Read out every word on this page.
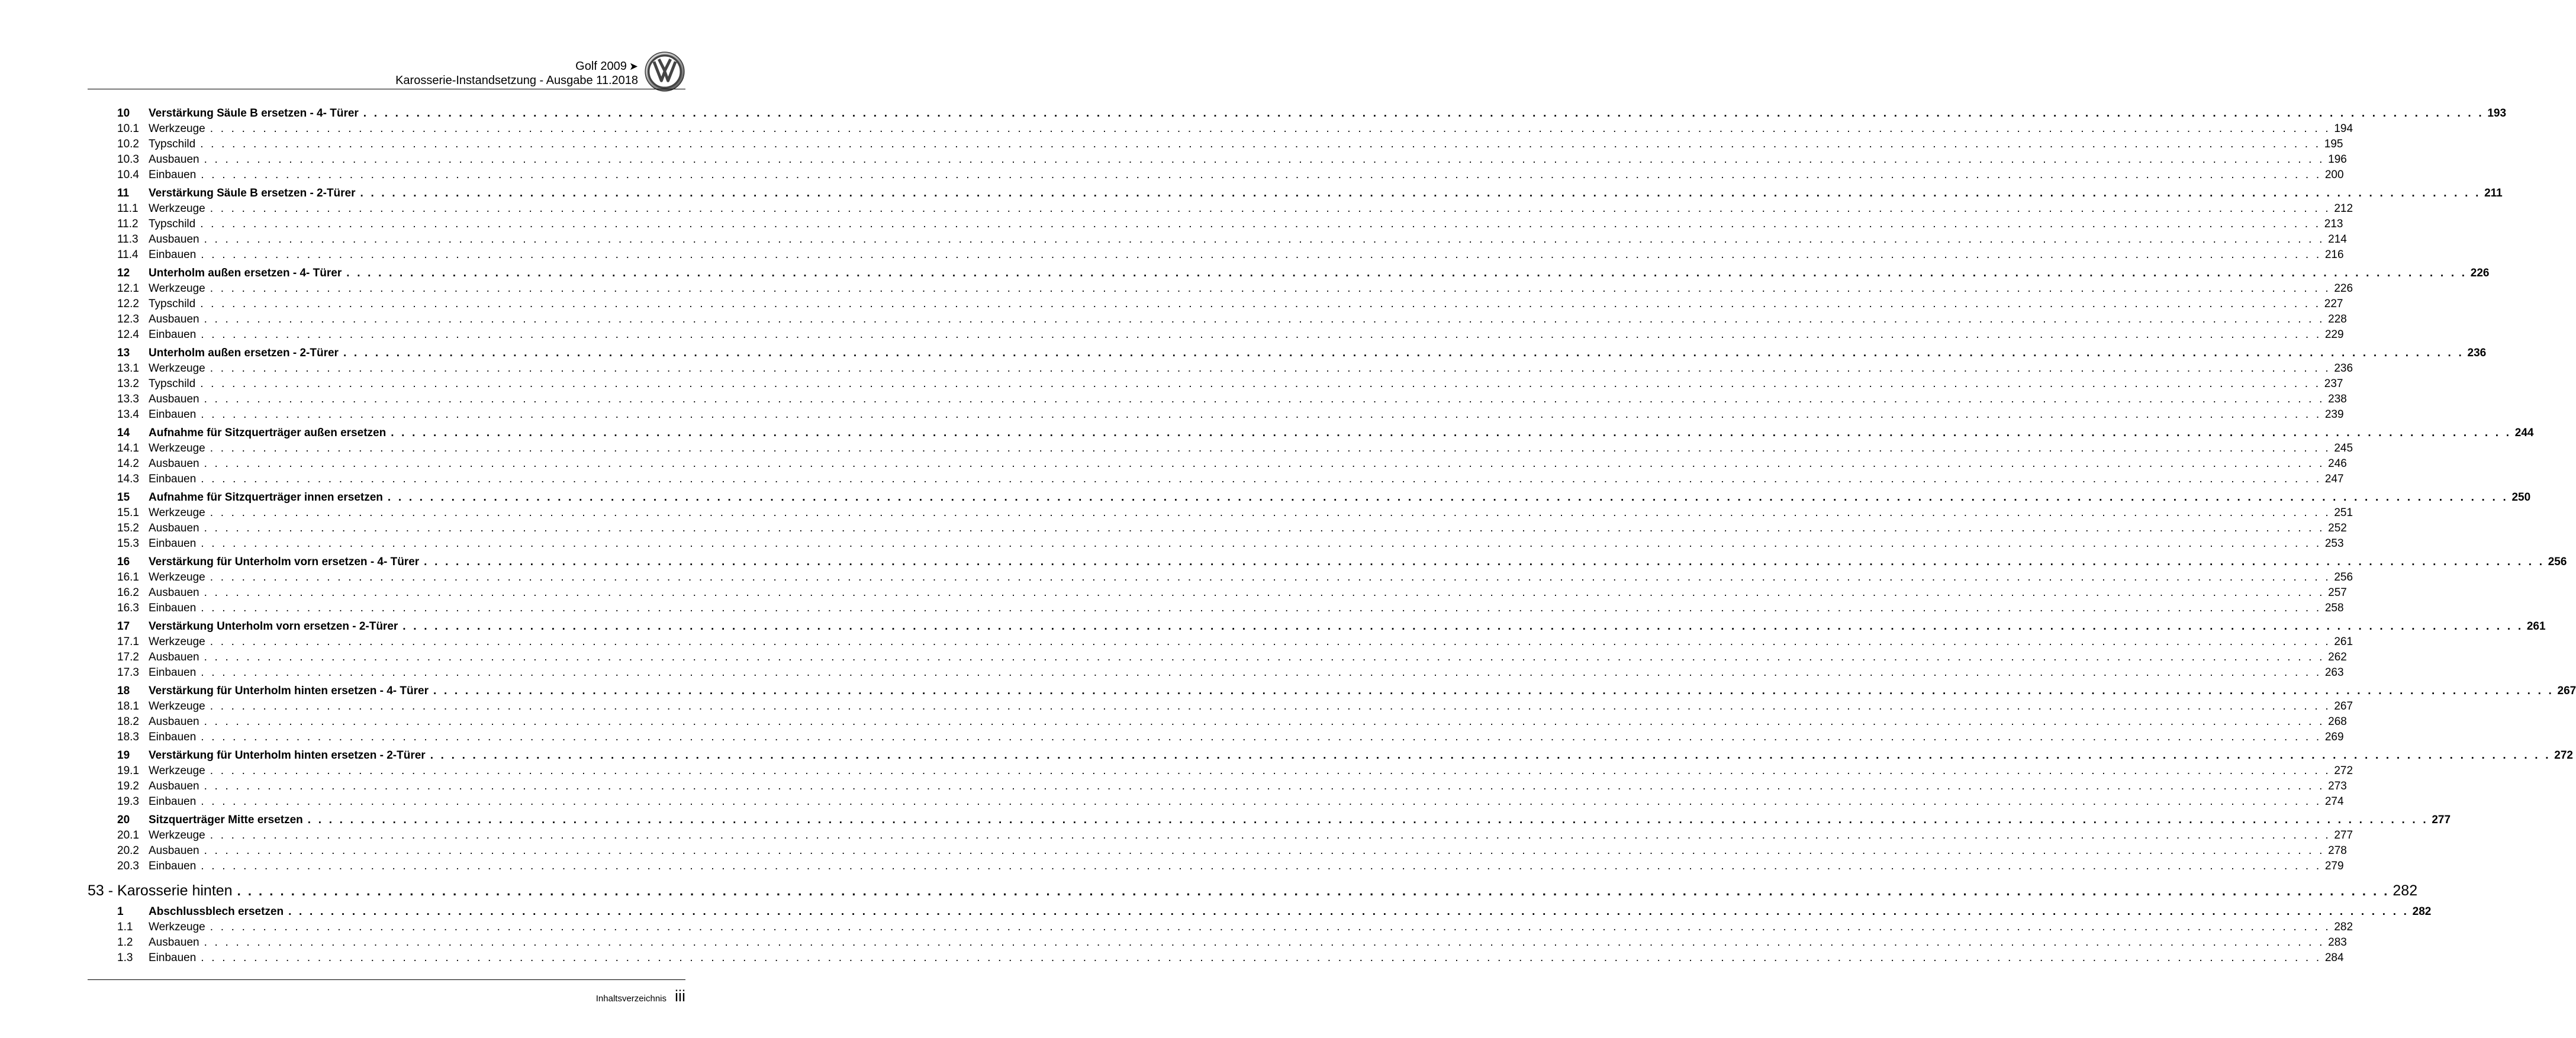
Golf 2009 ➤
Karosserie-Instandsetzung - Ausgabe 11.2018
10	Verstärkung Säule B ersetzen - 4- Türer . . . . . . . . . . . . . . . . . . . . . . . . . . . . . . . . . . . . . . . . . . . . . . . . . . . . . . . . . . . . . . . . . . . . . . . . . . . . . . . . . . . . . . . . . . . . . . . . . . . . . . . . . . . . . . . . . . . . . . . . . . . . . . . . . . . . . . . . . . . . . . . . . . . . . . . . . . . . . . . . . . . . . . . . . . . . . . . . . . . . . . . . . . . . . . . . . . . . . . . . 193
10.1 Werkzeuge . . . . . . . . . . . . . . . . . . . . . . . . . . . . . . . . . . . . . . . . . . . . . . . . . . . . . . . . . . . . . . . . . . . . . . . . . . . . . . . . . . . . . . . . . . . . . . . . . . . . . . . . . . . . . . . . . . . . . . . . . . . . . . . . . . . . . . . . . . . . . . . . . . . . . . . . . . . . . . . . . . . . . . . . . . . . . . . . . . . . . . . . . . . . . . . . . . . . . . . . 194
10.2 Typschild . . . . . . . . . . . . . . . . . . . . . . . . . . . . . . . . . . . . . . . . . . . . . . . . . . . . . . . . . . . . . . . . . . . . . . . . . . . . . . . . . . . . . . . . . . . . . . . . . . . . . . . . . . . . . . . . . . . . . . . . . . . . . . . . . . . . . . . . . . . . . . . . . . . . . . . . . . . . . . . . . . . . . . . . . . . . . . . . . . . . . . . . . . . . . . . . . . . . . . . . 195
10.3 Ausbauen . . . . . . . . . . . . . . . . . . . . . . . . . . . . . . . . . . . . . . . . . . . . . . . . . . . . . . . . . . . . . . . . . . . . . . . . . . . . . . . . . . . . . . . . . . . . . . . . . . . . . . . . . . . . . . . . . . . . . . . . . . . . . . . . . . . . . . . . . . . . . . . . . . . . . . . . . . . . . . . . . . . . . . . . . . . . . . . . . . . . . . . . . . . . . . . . . . . . . . . . 196
10.4 Einbauen . . . . . . . . . . . . . . . . . . . . . . . . . . . . . . . . . . . . . . . . . . . . . . . . . . . . . . . . . . . . . . . . . . . . . . . . . . . . . . . . . . . . . . . . . . . . . . . . . . . . . . . . . . . . . . . . . . . . . . . . . . . . . . . . . . . . . . . . . . . . . . . . . . . . . . . . . . . . . . . . . . . . . . . . . . . . . . . . . . . . . . . . . . . . . . . . . . . . . . . . 200
11	Verstärkung Säule B ersetzen - 2-Türer . . . . . . . . . . . . . . . . . . . . . . . . . . . . . . . . . . . . . . . . . . . . . . . . . . . . . . . . . . . . . . . . . . . . . . . . . . . . . . . . . . . . . . . . . . . . . . . . . . . . . . . . . . . . . . . . . . . . . . . . . . . . . . . . . . . . . . . . . . . . . . . . . . . . . . . . . . . . . . . . . . . . . . . . . . . . . . . . . . . . . . . . . . . . . . . . . . . . . . . . 211
11.1 Werkzeuge . . . . . . . . . . . . . . . . . . . . . . . . . . . . . . . . . . . . . . . . . . . . . . . . . . . . . . . . . . . . . . . . . . . . . . . . . . . . . . . . . . . . . . . . . . . . . . . . . . . . . . . . . . . . . . . . . . . . . . . . . . . . . . . . . . . . . . . . . . . . . . . . . . . . . . . . . . . . . . . . . . . . . . . . . . . . . . . . . . . . . . . . . . . . . . . . . . . . . . . . 212
11.2 Typschild . . . . . . . . . . . . . . . . . . . . . . . . . . . . . . . . . . . . . . . . . . . . . . . . . . . . . . . . . . . . . . . . . . . . . . . . . . . . . . . . . . . . . . . . . . . . . . . . . . . . . . . . . . . . . . . . . . . . . . . . . . . . . . . . . . . . . . . . . . . . . . . . . . . . . . . . . . . . . . . . . . . . . . . . . . . . . . . . . . . . . . . . . . . . . . . . . . . . . . . . 213
11.3 Ausbauen . . . . . . . . . . . . . . . . . . . . . . . . . . . . . . . . . . . . . . . . . . . . . . . . . . . . . . . . . . . . . . . . . . . . . . . . . . . . . . . . . . . . . . . . . . . . . . . . . . . . . . . . . . . . . . . . . . . . . . . . . . . . . . . . . . . . . . . . . . . . . . . . . . . . . . . . . . . . . . . . . . . . . . . . . . . . . . . . . . . . . . . . . . . . . . . . . . . . . . . . 214
11.4 Einbauen . . . . . . . . . . . . . . . . . . . . . . . . . . . . . . . . . . . . . . . . . . . . . . . . . . . . . . . . . . . . . . . . . . . . . . . . . . . . . . . . . . . . . . . . . . . . . . . . . . . . . . . . . . . . . . . . . . . . . . . . . . . . . . . . . . . . . . . . . . . . . . . . . . . . . . . . . . . . . . . . . . . . . . . . . . . . . . . . . . . . . . . . . . . . . . . . . . . . . . . . 216
12	Unterholm außen ersetzen - 4- Türer . . . . . . . . . . . . . . . . . . . . . . . . . . . . . . . . . . . . . . . . . . . . . . . . . . . . . . . . . . . . . . . . . . . . . . . . . . . . . . . . . . . . . . . . . . . . . . . . . . . . . . . . . . . . . . . . . . . . . . . . . . . . . . . . . . . . . . . . . . . . . . . . . . . . . . . . . . . . . . . . . . . . . . . . . . . . . . . . . . . . . . . . . . . . . . . . . . . . . . . . 226
12.1 Werkzeuge . . . . . . . . . . . . . . . . . . . . . . . . . . . . . . . . . . . . . . . . . . . . . . . . . . . . . . . . . . . . . . . . . . . . . . . . . . . . . . . . . . . . . . . . . . . . . . . . . . . . . . . . . . . . . . . . . . . . . . . . . . . . . . . . . . . . . . . . . . . . . . . . . . . . . . . . . . . . . . . . . . . . . . . . . . . . . . . . . . . . . . . . . . . . . . . . . . . . . . . . 226
12.2 Typschild . . . . . . . . . . . . . . . . . . . . . . . . . . . . . . . . . . . . . . . . . . . . . . . . . . . . . . . . . . . . . . . . . . . . . . . . . . . . . . . . . . . . . . . . . . . . . . . . . . . . . . . . . . . . . . . . . . . . . . . . . . . . . . . . . . . . . . . . . . . . . . . . . . . . . . . . . . . . . . . . . . . . . . . . . . . . . . . . . . . . . . . . . . . . . . . . . . . . . . . . 227
12.3 Ausbauen . . . . . . . . . . . . . . . . . . . . . . . . . . . . . . . . . . . . . . . . . . . . . . . . . . . . . . . . . . . . . . . . . . . . . . . . . . . . . . . . . . . . . . . . . . . . . . . . . . . . . . . . . . . . . . . . . . . . . . . . . . . . . . . . . . . . . . . . . . . . . . . . . . . . . . . . . . . . . . . . . . . . . . . . . . . . . . . . . . . . . . . . . . . . . . . . . . . . . . . . 228
12.4 Einbauen . . . . . . . . . . . . . . . . . . . . . . . . . . . . . . . . . . . . . . . . . . . . . . . . . . . . . . . . . . . . . . . . . . . . . . . . . . . . . . . . . . . . . . . . . . . . . . . . . . . . . . . . . . . . . . . . . . . . . . . . . . . . . . . . . . . . . . . . . . . . . . . . . . . . . . . . . . . . . . . . . . . . . . . . . . . . . . . . . . . . . . . . . . . . . . . . . . . . . . . . 229
13	Unterholm außen ersetzen - 2-Türer . . . . . . . . . . . . . . . . . . . . . . . . . . . . . . . . . . . . . . . . . . . . . . . . . . . . . . . . . . . . . . . . . . . . . . . . . . . . . . . . . . . . . . . . . . . . . . . . . . . . . . . . . . . . . . . . . . . . . . . . . . . . . . . . . . . . . . . . . . . . . . . . . . . . . . . . . . . . . . . . . . . . . . . . . . . . . . . . . . . . . . . . . . . . . . . . . . . . . . . . 236
13.1 Werkzeuge . . . . . . . . . . . . . . . . . . . . . . . . . . . . . . . . . . . . . . . . . . . . . . . . . . . . . . . . . . . . . . . . . . . . . . . . . . . . . . . . . . . . . . . . . . . . . . . . . . . . . . . . . . . . . . . . . . . . . . . . . . . . . . . . . . . . . . . . . . . . . . . . . . . . . . . . . . . . . . . . . . . . . . . . . . . . . . . . . . . . . . . . . . . . . . . . . . . . . . . . 236
13.2 Typschild . . . . . . . . . . . . . . . . . . . . . . . . . . . . . . . . . . . . . . . . . . . . . . . . . . . . . . . . . . . . . . . . . . . . . . . . . . . . . . . . . . . . . . . . . . . . . . . . . . . . . . . . . . . . . . . . . . . . . . . . . . . . . . . . . . . . . . . . . . . . . . . . . . . . . . . . . . . . . . . . . . . . . . . . . . . . . . . . . . . . . . . . . . . . . . . . . . . . . . . . 237
13.3 Ausbauen . . . . . . . . . . . . . . . . . . . . . . . . . . . . . . . . . . . . . . . . . . . . . . . . . . . . . . . . . . . . . . . . . . . . . . . . . . . . . . . . . . . . . . . . . . . . . . . . . . . . . . . . . . . . . . . . . . . . . . . . . . . . . . . . . . . . . . . . . . . . . . . . . . . . . . . . . . . . . . . . . . . . . . . . . . . . . . . . . . . . . . . . . . . . . . . . . . . . . . . . 238
13.4 Einbauen . . . . . . . . . . . . . . . . . . . . . . . . . . . . . . . . . . . . . . . . . . . . . . . . . . . . . . . . . . . . . . . . . . . . . . . . . . . . . . . . . . . . . . . . . . . . . . . . . . . . . . . . . . . . . . . . . . . . . . . . . . . . . . . . . . . . . . . . . . . . . . . . . . . . . . . . . . . . . . . . . . . . . . . . . . . . . . . . . . . . . . . . . . . . . . . . . . . . . . . . 239
14	Aufnahme für Sitzquerträger außen ersetzen . . . . . . . . . . . . . . . . . . . . . . . . . . . . . . . . . . . . . . . . . . . . . . . . . . . . . . . . . . . . . . . . . . . . . . . . . . . . . . . . . . . . . . . . . . . . . . . . . . . . . . . . . . . . . . . . . . . . . . . . . . . . . . . . . . . . . . . . . . . . . . . . . . . . . . . . . . . . . . . . . . . . . . . . . . . . . . . . . . . . . . . . . . . . . . . . . . . . . . . . 244
14.1 Werkzeuge . . . . . . . . . . . . . . . . . . . . . . . . . . . . . . . . . . . . . . . . . . . . . . . . . . . . . . . . . . . . . . . . . . . . . . . . . . . . . . . . . . . . . . . . . . . . . . . . . . . . . . . . . . . . . . . . . . . . . . . . . . . . . . . . . . . . . . . . . . . . . . . . . . . . . . . . . . . . . . . . . . . . . . . . . . . . . . . . . . . . . . . . . . . . . . . . . . . . . . . . 245
14.2 Ausbauen . . . . . . . . . . . . . . . . . . . . . . . . . . . . . . . . . . . . . . . . . . . . . . . . . . . . . . . . . . . . . . . . . . . . . . . . . . . . . . . . . . . . . . . . . . . . . . . . . . . . . . . . . . . . . . . . . . . . . . . . . . . . . . . . . . . . . . . . . . . . . . . . . . . . . . . . . . . . . . . . . . . . . . . . . . . . . . . . . . . . . . . . . . . . . . . . . . . . . . . . 246
14.3 Einbauen . . . . . . . . . . . . . . . . . . . . . . . . . . . . . . . . . . . . . . . . . . . . . . . . . . . . . . . . . . . . . . . . . . . . . . . . . . . . . . . . . . . . . . . . . . . . . . . . . . . . . . . . . . . . . . . . . . . . . . . . . . . . . . . . . . . . . . . . . . . . . . . . . . . . . . . . . . . . . . . . . . . . . . . . . . . . . . . . . . . . . . . . . . . . . . . . . . . . . . . . 247
15	Aufnahme für Sitzquerträger innen ersetzen . . . . . . . . . . . . . . . . . . . . . . . . . . . . . . . . . . . . . . . . . . . . . . . . . . . . . . . . . . . . . . . . . . . . . . . . . . . . . . . . . . . . . . . . . . . . . . . . . . . . . . . . . . . . . . . . . . . . . . . . . . . . . . . . . . . . . . . . . . . . . . . . . . . . . . . . . . . . . . . . . . . . . . . . . . . . . . . . . . . . . . . . . . . . . . . . . . . . . . . . 250
15.1 Werkzeuge . . . . . . . . . . . . . . . . . . . . . . . . . . . . . . . . . . . . . . . . . . . . . . . . . . . . . . . . . . . . . . . . . . . . . . . . . . . . . . . . . . . . . . . . . . . . . . . . . . . . . . . . . . . . . . . . . . . . . . . . . . . . . . . . . . . . . . . . . . . . . . . . . . . . . . . . . . . . . . . . . . . . . . . . . . . . . . . . . . . . . . . . . . . . . . . . . . . . . . . . 251
15.2 Ausbauen . . . . . . . . . . . . . . . . . . . . . . . . . . . . . . . . . . . . . . . . . . . . . . . . . . . . . . . . . . . . . . . . . . . . . . . . . . . . . . . . . . . . . . . . . . . . . . . . . . . . . . . . . . . . . . . . . . . . . . . . . . . . . . . . . . . . . . . . . . . . . . . . . . . . . . . . . . . . . . . . . . . . . . . . . . . . . . . . . . . . . . . . . . . . . . . . . . . . . . . . 252
15.3 Einbauen . . . . . . . . . . . . . . . . . . . . . . . . . . . . . . . . . . . . . . . . . . . . . . . . . . . . . . . . . . . . . . . . . . . . . . . . . . . . . . . . . . . . . . . . . . . . . . . . . . . . . . . . . . . . . . . . . . . . . . . . . . . . . . . . . . . . . . . . . . . . . . . . . . . . . . . . . . . . . . . . . . . . . . . . . . . . . . . . . . . . . . . . . . . . . . . . . . . . . . . . 253
16	Verstärkung für Unterholm vorn ersetzen - 4- Türer . . . . . . . . . . . . . . . . . . . . . . . . . . . . . . . . . . . . . . . . . . . . . . . . . . . . . . . . . . . . . . . . . . . . . . . . . . . . . . . . . . . . . . . . . . . . . . . . . . . . . . . . . . . . . . . . . . . . . . . . . . . . . . . . . . . . . . . . . . . . . . . . . . . . . . . . . . . . . . . . . . . . . . . . . . . . . . . . . . . . . . . . . . . . . . . . . . . . . . . . 256
16.1 Werkzeuge . . . . . . . . . . . . . . . . . . . . . . . . . . . . . . . . . . . . . . . . . . . . . . . . . . . . . . . . . . . . . . . . . . . . . . . . . . . . . . . . . . . . . . . . . . . . . . . . . . . . . . . . . . . . . . . . . . . . . . . . . . . . . . . . . . . . . . . . . . . . . . . . . . . . . . . . . . . . . . . . . . . . . . . . . . . . . . . . . . . . . . . . . . . . . . . . . . . . . . . . 256
16.2 Ausbauen . . . . . . . . . . . . . . . . . . . . . . . . . . . . . . . . . . . . . . . . . . . . . . . . . . . . . . . . . . . . . . . . . . . . . . . . . . . . . . . . . . . . . . . . . . . . . . . . . . . . . . . . . . . . . . . . . . . . . . . . . . . . . . . . . . . . . . . . . . . . . . . . . . . . . . . . . . . . . . . . . . . . . . . . . . . . . . . . . . . . . . . . . . . . . . . . . . . . . . . . 257
16.3 Einbauen . . . . . . . . . . . . . . . . . . . . . . . . . . . . . . . . . . . . . . . . . . . . . . . . . . . . . . . . . . . . . . . . . . . . . . . . . . . . . . . . . . . . . . . . . . . . . . . . . . . . . . . . . . . . . . . . . . . . . . . . . . . . . . . . . . . . . . . . . . . . . . . . . . . . . . . . . . . . . . . . . . . . . . . . . . . . . . . . . . . . . . . . . . . . . . . . . . . . . . . . 258
17	Verstärkung Unterholm vorn ersetzen - 2-Türer . . . . . . . . . . . . . . . . . . . . . . . . . . . . . . . . . . . . . . . . . . . . . . . . . . . . . . . . . . . . . . . . . . . . . . . . . . . . . . . . . . . . . . . . . . . . . . . . . . . . . . . . . . . . . . . . . . . . . . . . . . . . . . . . . . . . . . . . . . . . . . . . . . . . . . . . . . . . . . . . . . . . . . . . . . . . . . . . . . . . . . . . . . . . . . . . . . . . . . . . 261
17.1 Werkzeuge . . . . . . . . . . . . . . . . . . . . . . . . . . . . . . . . . . . . . . . . . . . . . . . . . . . . . . . . . . . . . . . . . . . . . . . . . . . . . . . . . . . . . . . . . . . . . . . . . . . . . . . . . . . . . . . . . . . . . . . . . . . . . . . . . . . . . . . . . . . . . . . . . . . . . . . . . . . . . . . . . . . . . . . . . . . . . . . . . . . . . . . . . . . . . . . . . . . . . . . . 261
17.2 Ausbauen . . . . . . . . . . . . . . . . . . . . . . . . . . . . . . . . . . . . . . . . . . . . . . . . . . . . . . . . . . . . . . . . . . . . . . . . . . . . . . . . . . . . . . . . . . . . . . . . . . . . . . . . . . . . . . . . . . . . . . . . . . . . . . . . . . . . . . . . . . . . . . . . . . . . . . . . . . . . . . . . . . . . . . . . . . . . . . . . . . . . . . . . . . . . . . . . . . . . . . . . 262
17.3 Einbauen . . . . . . . . . . . . . . . . . . . . . . . . . . . . . . . . . . . . . . . . . . . . . . . . . . . . . . . . . . . . . . . . . . . . . . . . . . . . . . . . . . . . . . . . . . . . . . . . . . . . . . . . . . . . . . . . . . . . . . . . . . . . . . . . . . . . . . . . . . . . . . . . . . . . . . . . . . . . . . . . . . . . . . . . . . . . . . . . . . . . . . . . . . . . . . . . . . . . . . . . 263
18	Verstärkung für Unterholm hinten ersetzen - 4- Türer . . . . . . . . . . . . . . . . . . . . . . . . . . . . . . . . . . . . . . . . . . . . . . . . . . . . . . . . . . . . . . . . . . . . . . . . . . . . . . . . . . . . . . . . . . . . . . . . . . . . . . . . . . . . . . . . . . . . . . . . . . . . . . . . . . . . . . . . . . . . . . . . . . . . . . . . . . . . . . . . . . . . . . . . . . . . . . . . . . . . . . . . . . . . . . . . . . . . . . . . 267
18.1 Werkzeuge . . . . . . . . . . . . . . . . . . . . . . . . . . . . . . . . . . . . . . . . . . . . . . . . . . . . . . . . . . . . . . . . . . . . . . . . . . . . . . . . . . . . . . . . . . . . . . . . . . . . . . . . . . . . . . . . . . . . . . . . . . . . . . . . . . . . . . . . . . . . . . . . . . . . . . . . . . . . . . . . . . . . . . . . . . . . . . . . . . . . . . . . . . . . . . . . . . . . . . . . 267
18.2 Ausbauen . . . . . . . . . . . . . . . . . . . . . . . . . . . . . . . . . . . . . . . . . . . . . . . . . . . . . . . . . . . . . . . . . . . . . . . . . . . . . . . . . . . . . . . . . . . . . . . . . . . . . . . . . . . . . . . . . . . . . . . . . . . . . . . . . . . . . . . . . . . . . . . . . . . . . . . . . . . . . . . . . . . . . . . . . . . . . . . . . . . . . . . . . . . . . . . . . . . . . . . . 268
18.3 Einbauen . . . . . . . . . . . . . . . . . . . . . . . . . . . . . . . . . . . . . . . . . . . . . . . . . . . . . . . . . . . . . . . . . . . . . . . . . . . . . . . . . . . . . . . . . . . . . . . . . . . . . . . . . . . . . . . . . . . . . . . . . . . . . . . . . . . . . . . . . . . . . . . . . . . . . . . . . . . . . . . . . . . . . . . . . . . . . . . . . . . . . . . . . . . . . . . . . . . . . . . . 269
19	Verstärkung für Unterholm hinten ersetzen - 2-Türer . . . . . . . . . . . . . . . . . . . . . . . . . . . . . . . . . . . . . . . . . . . . . . . . . . . . . . . . . . . . . . . . . . . . . . . . . . . . . . . . . . . . . . . . . . . . . . . . . . . . . . . . . . . . . . . . . . . . . . . . . . . . . . . . . . . . . . . . . . . . . . . . . . . . . . . . . . . . . . . . . . . . . . . . . . . . . . . . . . . . . . . . . . . . . . . . . . . . . . . . 272
19.1 Werkzeuge . . . . . . . . . . . . . . . . . . . . . . . . . . . . . . . . . . . . . . . . . . . . . . . . . . . . . . . . . . . . . . . . . . . . . . . . . . . . . . . . . . . . . . . . . . . . . . . . . . . . . . . . . . . . . . . . . . . . . . . . . . . . . . . . . . . . . . . . . . . . . . . . . . . . . . . . . . . . . . . . . . . . . . . . . . . . . . . . . . . . . . . . . . . . . . . . . . . . . . . . 272
19.2 Ausbauen . . . . . . . . . . . . . . . . . . . . . . . . . . . . . . . . . . . . . . . . . . . . . . . . . . . . . . . . . . . . . . . . . . . . . . . . . . . . . . . . . . . . . . . . . . . . . . . . . . . . . . . . . . . . . . . . . . . . . . . . . . . . . . . . . . . . . . . . . . . . . . . . . . . . . . . . . . . . . . . . . . . . . . . . . . . . . . . . . . . . . . . . . . . . . . . . . . . . . . . . 273
19.3 Einbauen . . . . . . . . . . . . . . . . . . . . . . . . . . . . . . . . . . . . . . . . . . . . . . . . . . . . . . . . . . . . . . . . . . . . . . . . . . . . . . . . . . . . . . . . . . . . . . . . . . . . . . . . . . . . . . . . . . . . . . . . . . . . . . . . . . . . . . . . . . . . . . . . . . . . . . . . . . . . . . . . . . . . . . . . . . . . . . . . . . . . . . . . . . . . . . . . . . . . . . . . 274
20	Sitzquerträger Mitte ersetzen . . . . . . . . . . . . . . . . . . . . . . . . . . . . . . . . . . . . . . . . . . . . . . . . . . . . . . . . . . . . . . . . . . . . . . . . . . . . . . . . . . . . . . . . . . . . . . . . . . . . . . . . . . . . . . . . . . . . . . . . . . . . . . . . . . . . . . . . . . . . . . . . . . . . . . . . . . . . . . . . . . . . . . . . . . . . . . . . . . . . . . . . . . . . . . . . . . . . . . . . 277
20.1 Werkzeuge . . . . . . . . . . . . . . . . . . . . . . . . . . . . . . . . . . . . . . . . . . . . . . . . . . . . . . . . . . . . . . . . . . . . . . . . . . . . . . . . . . . . . . . . . . . . . . . . . . . . . . . . . . . . . . . . . . . . . . . . . . . . . . . . . . . . . . . . . . . . . . . . . . . . . . . . . . . . . . . . . . . . . . . . . . . . . . . . . . . . . . . . . . . . . . . . . . . . . . . . 277
20.2 Ausbauen . . . . . . . . . . . . . . . . . . . . . . . . . . . . . . . . . . . . . . . . . . . . . . . . . . . . . . . . . . . . . . . . . . . . . . . . . . . . . . . . . . . . . . . . . . . . . . . . . . . . . . . . . . . . . . . . . . . . . . . . . . . . . . . . . . . . . . . . . . . . . . . . . . . . . . . . . . . . . . . . . . . . . . . . . . . . . . . . . . . . . . . . . . . . . . . . . . . . . . . . 278
20.3 Einbauen . . . . . . . . . . . . . . . . . . . . . . . . . . . . . . . . . . . . . . . . . . . . . . . . . . . . . . . . . . . . . . . . . . . . . . . . . . . . . . . . . . . . . . . . . . . . . . . . . . . . . . . . . . . . . . . . . . . . . . . . . . . . . . . . . . . . . . . . . . . . . . . . . . . . . . . . . . . . . . . . . . . . . . . . . . . . . . . . . . . . . . . . . . . . . . . . . . . . . . . . 279
53 - Karosserie hinten . . . . . . . . . . . . . . . . . . . . . . . . . . . . . . . . . . . . . . . . . . . . . . . . . . . . . . . . . . . . . . . . . . . . . . . . . . . . . . . . . . . . . . . . . . . . . . . . . . . . . . . . . . . . . . . . . . . . . . . . . . . . . . . . . . . . . . . . . . . . . . . . . . . . . . . . . . . . . . . . . . . . . . . . . . . . . . . . . . . . . . . . . . . . . . . . . . . . . . . . 282
1	Abschlussblech ersetzen . . . . . . . . . . . . . . . . . . . . . . . . . . . . . . . . . . . . . . . . . . . . . . . . . . . . . . . . . . . . . . . . . . . . . . . . . . . . . . . . . . . . . . . . . . . . . . . . . . . . . . . . . . . . . . . . . . . . . . . . . . . . . . . . . . . . . . . . . . . . . . . . . . . . . . . . . . . . . . . . . . . . . . . . . . . . . . . . . . . . . . . . . . . . . . . . . . . . . . . . 282
1.1	Werkzeuge . . . . . . . . . . . . . . . . . . . . . . . . . . . . . . . . . . . . . . . . . . . . . . . . . . . . . . . . . . . . . . . . . . . . . . . . . . . . . . . . . . . . . . . . . . . . . . . . . . . . . . . . . . . . . . . . . . . . . . . . . . . . . . . . . . . . . . . . . . . . . . . . . . . . . . . . . . . . . . . . . . . . . . . . . . . . . . . . . . . . . . . . . . . . . . . . . . . . . . . . 282
1.2	Ausbauen . . . . . . . . . . . . . . . . . . . . . . . . . . . . . . . . . . . . . . . . . . . . . . . . . . . . . . . . . . . . . . . . . . . . . . . . . . . . . . . . . . . . . . . . . . . . . . . . . . . . . . . . . . . . . . . . . . . . . . . . . . . . . . . . . . . . . . . . . . . . . . . . . . . . . . . . . . . . . . . . . . . . . . . . . . . . . . . . . . . . . . . . . . . . . . . . . . . . . . . . 283
1.3	Einbauen . . . . . . . . . . . . . . . . . . . . . . . . . . . . . . . . . . . . . . . . . . . . . . . . . . . . . . . . . . . . . . . . . . . . . . . . . . . . . . . . . . . . . . . . . . . . . . . . . . . . . . . . . . . . . . . . . . . . . . . . . . . . . . . . . . . . . . . . . . . . . . . . . . . . . . . . . . . . . . . . . . . . . . . . . . . . . . . . . . . . . . . . . . . . . . . . . . . . . . . . 284
Inhaltsverzeichnis iii
